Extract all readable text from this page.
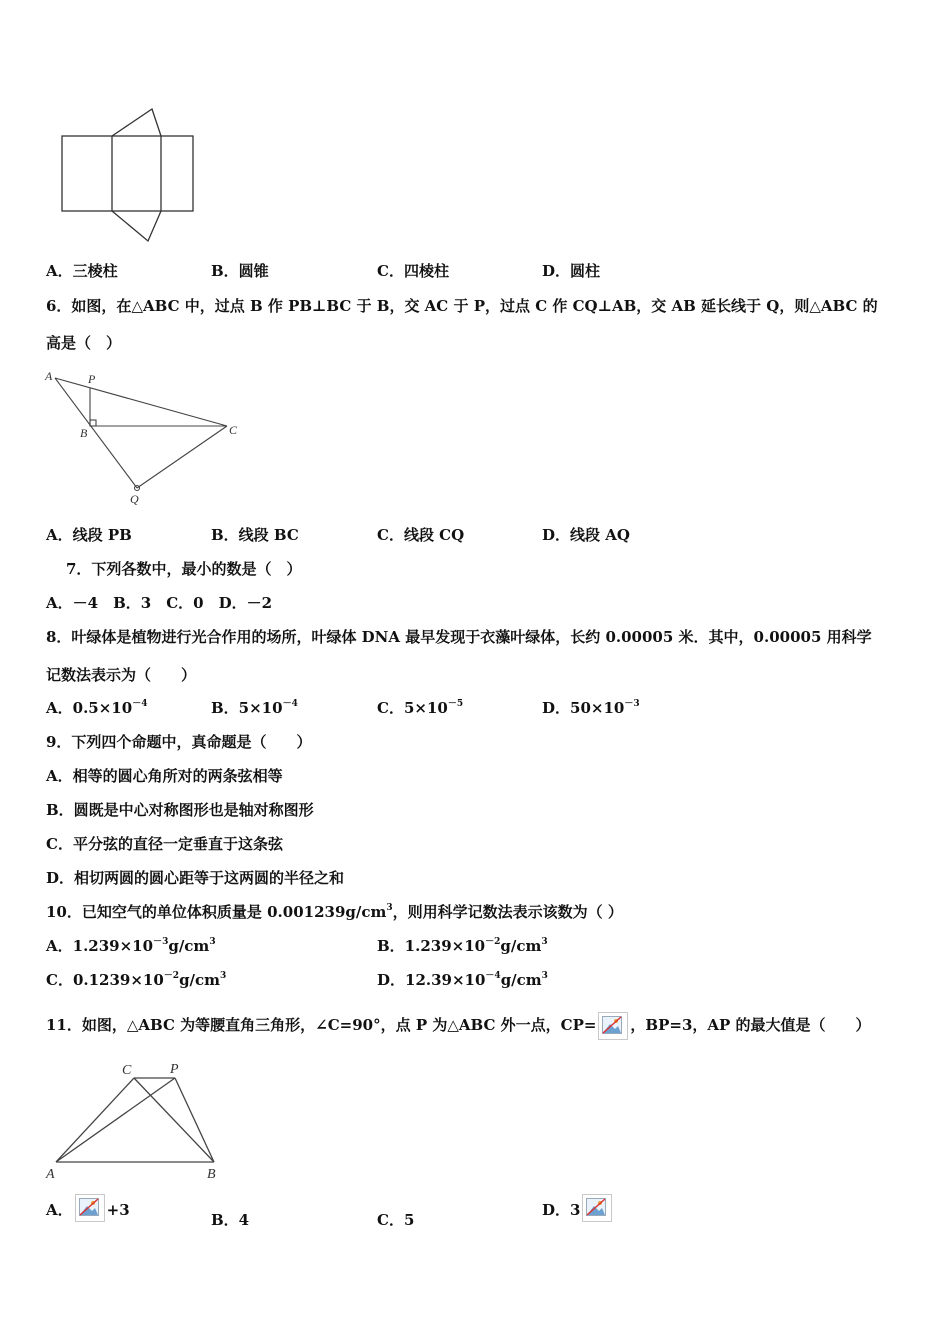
A．三棱柱	B．圆锥	C．四棱柱	D．圆柱
6．如图，在△ABC 中，过点 B 作 PB⊥BC 于 B，交 AC 于 P，过点 C 作 CQ⊥AB，交 AB 延长线于 Q，则△ABC 的
高是（　）
A	P
B	C
Q
A．线段 PB	B．线段 BC	C．线段 CQ	D．线段 AQ
7．下列各数中，最小的数是（　）
A．－4　B．3　C．0　D．－2
8．叶绿体是植物进行光合作用的场所，叶绿体 DNA 最早发现于衣藻叶绿体，长约 0.00005 米．其中，0.00005 用科学
记数法表示为（　　）
A．$0.5\times 10^{-4}$	B．$5\times 10^{-4}$	C．$5\times 10^{-5}$	D．$50\times 10^{-3}$
9．下列四个命题中，真命题是（　　）
A．相等的圆心角所对的两条弦相等
B．圆既是中心对称图形也是轴对称图形
C．平分弦的直径一定垂直于这条弦
D．相切两圆的圆心距等于这两圆的半径之和
10．已知空气的单位体积质量是 $0.001239g/cm^3$，则用科学记数法表示该数为（ ）
A．$1.239\times 10^{-3}g/cm^3$	B．$1.239\times 10^{-2}g/cm^3$
C．$0.1239\times 10^{-2}g/cm^3$	D．$12.39\times 10^{-4}g/cm^3$
11．如图，△ABC 为等腰直角三角形，∠C=90°，点 P 为△ABC 外一点，CP= ，BP=3，AP 的最大值是（　　）
C	P
A	B
A． +3
B．4	C．5
D．3
